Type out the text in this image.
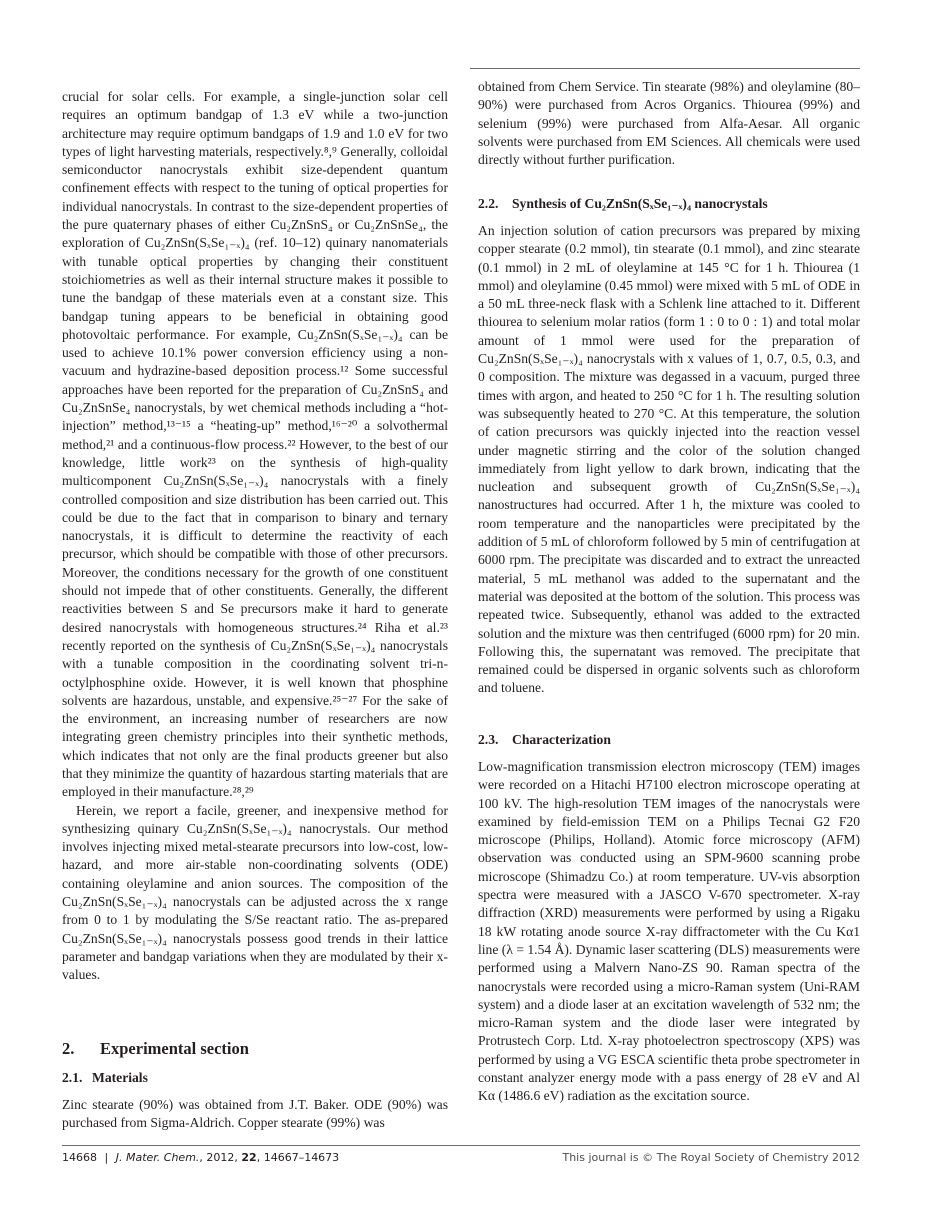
crucial for solar cells. For example, a single-junction solar cell requires an optimum bandgap of 1.3 eV while a two-junction architecture may require optimum bandgaps of 1.9 and 1.0 eV for two types of light harvesting materials, respectively.⁸,⁹ Generally, colloidal semiconductor nanocrystals exhibit size-dependent quantum confinement effects with respect to the tuning of optical properties for individual nanocrystals. In contrast to the size-dependent properties of the pure quaternary phases of either Cu₂ZnSnS₄ or Cu₂ZnSnSe₄, the exploration of Cu₂ZnSn(SₓSe₁₋ₓ)₄ (ref. 10–12) quinary nanomaterials with tunable optical properties by changing their constituent stoichiometries as well as their internal structure makes it possible to tune the bandgap of these materials even at a constant size. This bandgap tuning appears to be beneficial in obtaining good photovoltaic performance. For example, Cu₂ZnSn(SₓSe₁₋ₓ)₄ can be used to achieve 10.1% power conversion efficiency using a non-vacuum and hydrazine-based deposition process.¹² Some successful approaches have been reported for the preparation of Cu₂ZnSnS₄ and Cu₂ZnSnSe₄ nanocrystals, by wet chemical methods including a “hot-injection” method,¹³⁻¹⁵ a “heating-up” method,¹⁶⁻²⁰ a solvothermal method,²¹ and a continuous-flow process.²² However, to the best of our knowledge, little work²³ on the synthesis of high-quality multicomponent Cu₂ZnSn(SₓSe₁₋ₓ)₄ nanocrystals with a finely controlled composition and size distribution has been carried out. This could be due to the fact that in comparison to binary and ternary nanocrystals, it is difficult to determine the reactivity of each precursor, which should be compatible with those of other precursors. Moreover, the conditions necessary for the growth of one constituent should not impede that of other constituents. Generally, the different reactivities between S and Se precursors make it hard to generate desired nanocrystals with homogeneous structures.²⁴ Riha et al.²³ recently reported on the synthesis of Cu₂ZnSn(SₓSe₁₋ₓ)₄ nanocrystals with a tunable composition in the coordinating solvent tri-n-octylphosphine oxide. However, it is well known that phosphine solvents are hazardous, unstable, and expensive.²⁵⁻²⁷ For the sake of the environment, an increasing number of researchers are now integrating green chemistry principles into their synthetic methods, which indicates that not only are the final products greener but also that they minimize the quantity of hazardous starting materials that are employed in their manufacture.²⁸,²⁹

Herein, we report a facile, greener, and inexpensive method for synthesizing quinary Cu₂ZnSn(SₓSe₁₋ₓ)₄ nanocrystals. Our method involves injecting mixed metal-stearate precursors into low-cost, low-hazard, and more air-stable non-coordinating solvents (ODE) containing oleylamine and anion sources. The composition of the Cu₂ZnSn(SₓSe₁₋ₓ)₄ nanocrystals can be adjusted across the x range from 0 to 1 by modulating the S/Se reactant ratio. The as-prepared Cu₂ZnSn(SₓSe₁₋ₓ)₄ nanocrystals possess good trends in their lattice parameter and bandgap variations when they are modulated by their x-values.

2. Experimental section
2.1. Materials

Zinc stearate (90%) was obtained from J.T. Baker. ODE (90%) was purchased from Sigma-Aldrich. Copper stearate (99%) was

obtained from Chem Service. Tin stearate (98%) and oleylamine (80–90%) were purchased from Acros Organics. Thiourea (99%) and selenium (99%) were purchased from Alfa-Aesar. All organic solvents were purchased from EM Sciences. All chemicals were used directly without further purification.

2.2. Synthesis of Cu₂ZnSn(SₓSe₁₋ₓ)₄ nanocrystals

An injection solution of cation precursors was prepared by mixing copper stearate (0.2 mmol), tin stearate (0.1 mmol), and zinc stearate (0.1 mmol) in 2 mL of oleylamine at 145 °C for 1 h. Thiourea (1 mmol) and oleylamine (0.45 mmol) were mixed with 5 mL of ODE in a 50 mL three-neck flask with a Schlenk line attached to it. Different thiourea to selenium molar ratios (form 1 : 0 to 0 : 1) and total molar amount of 1 mmol were used for the preparation of Cu₂ZnSn(SₓSe₁₋ₓ)₄ nanocrystals with x values of 1, 0.7, 0.5, 0.3, and 0 composition. The mixture was degassed in a vacuum, purged three times with argon, and heated to 250 °C for 1 h. The resulting solution was subsequently heated to 270 °C. At this temperature, the solution of cation precursors was quickly injected into the reaction vessel under magnetic stirring and the color of the solution changed immediately from light yellow to dark brown, indicating that the nucleation and subsequent growth of Cu₂ZnSn(SₓSe₁₋ₓ)₄ nanostructures had occurred. After 1 h, the mixture was cooled to room temperature and the nanoparticles were precipitated by the addition of 5 mL of chloroform followed by 5 min of centrifugation at 6000 rpm. The precipitate was discarded and to extract the unreacted material, 5 mL methanol was added to the supernatant and the material was deposited at the bottom of the solution. This process was repeated twice. Subsequently, ethanol was added to the extracted solution and the mixture was then centrifuged (6000 rpm) for 20 min. Following this, the supernatant was removed. The precipitate that remained could be dispersed in organic solvents such as chloroform and toluene.

2.3. Characterization

Low-magnification transmission electron microscopy (TEM) images were recorded on a Hitachi H7100 electron microscope operating at 100 kV. The high-resolution TEM images of the nanocrystals were examined by field-emission TEM on a Philips Tecnai G2 F20 microscope (Philips, Holland). Atomic force microscopy (AFM) observation was conducted using an SPM-9600 scanning probe microscope (Shimadzu Co.) at room temperature. UV-vis absorption spectra were measured with a JASCO V-670 spectrometer. X-ray diffraction (XRD) measurements were performed by using a Rigaku 18 kW rotating anode source X-ray diffractometer with the Cu Kα1 line (λ = 1.54 Å). Dynamic laser scattering (DLS) measurements were performed using a Malvern Nano-ZS 90. Raman spectra of the nanocrystals were recorded using a micro-Raman system (Uni-RAM system) and a diode laser at an excitation wavelength of 532 nm; the micro-Raman system and the diode laser were integrated by Protrustech Corp. Ltd. X-ray photoelectron spectroscopy (XPS) was performed by using a VG ESCA scientific theta probe spectrometer in constant analyzer energy mode with a pass energy of 28 eV and Al Kα (1486.6 eV) radiation as the excitation source.

14668 | J. Mater. Chem., 2012, 22, 14667–14673	This journal is © The Royal Society of Chemistry 2012
